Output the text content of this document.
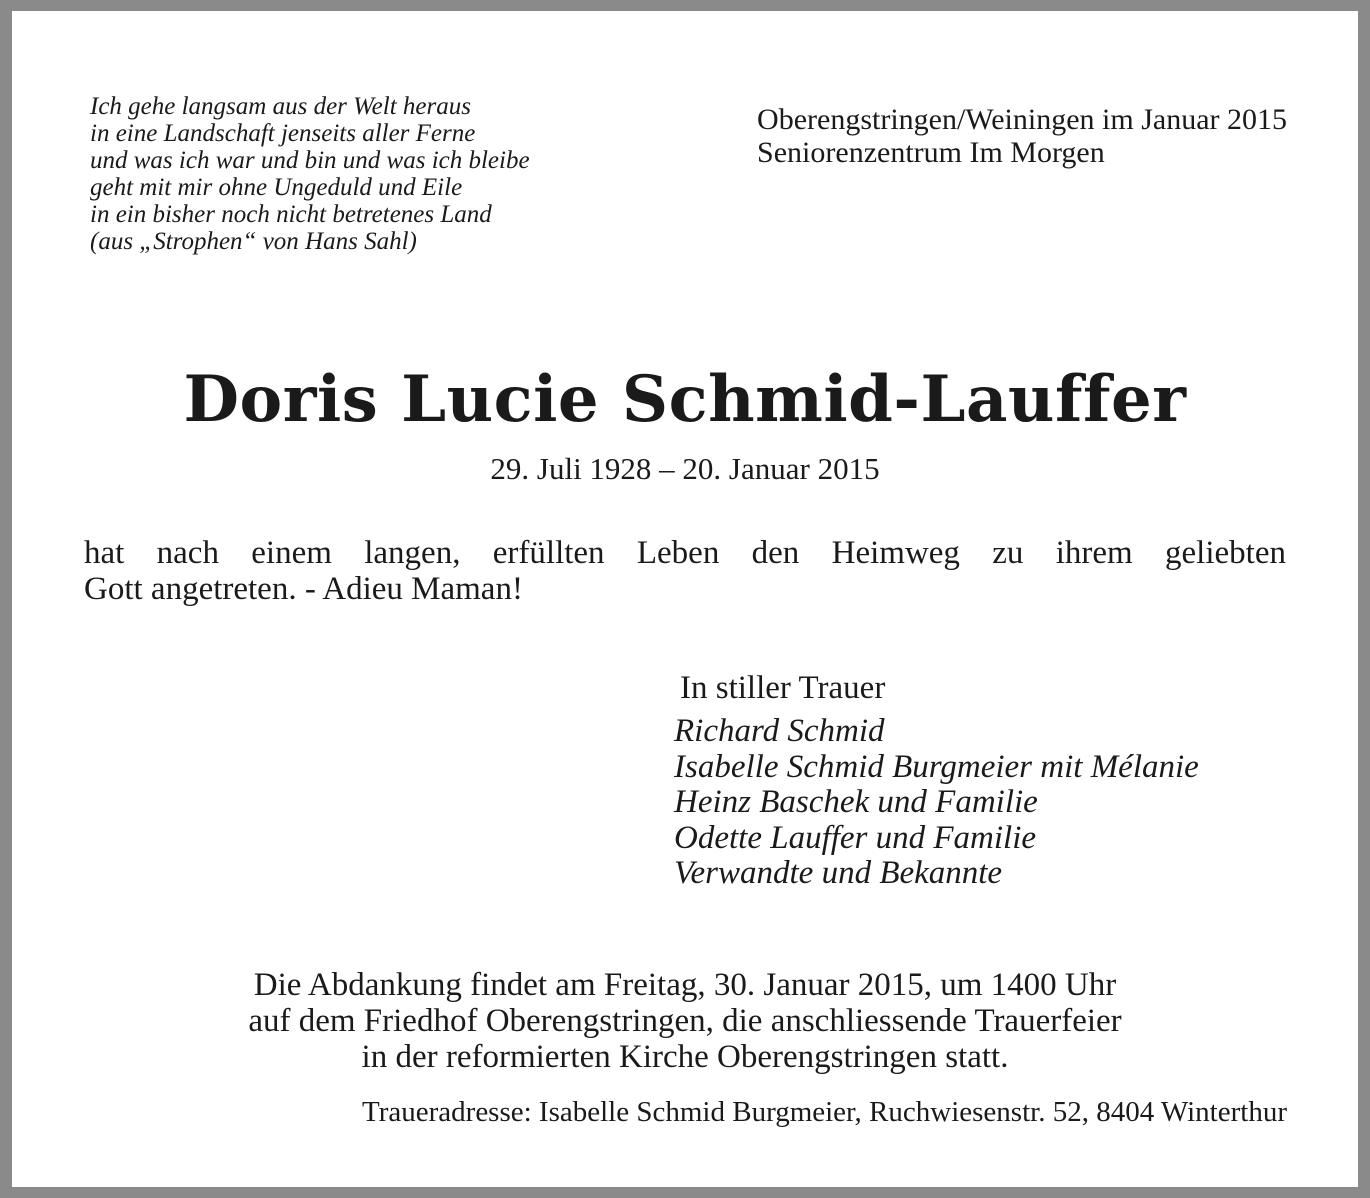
Ich gehe langsam aus der Welt heraus
in eine Landschaft jenseits aller Ferne
und was ich war und bin und was ich bleibe
geht mit mir ohne Ungeduld und Eile
in ein bisher noch nicht betretenes Land
(aus „Strophen“ von Hans Sahl)
Oberengstringen/Weiningen im Januar 2015
Seniorenzentrum Im Morgen
Doris Lucie Schmid-Lauffer
29. Juli 1928 – 20. Januar 2015
hat nach einem langen, erfüllten Leben den Heimweg zu ihrem geliebten
Gott angetreten. - Adieu Maman!
In stiller Trauer
Richard Schmid
Isabelle Schmid Burgmeier mit Mélanie
Heinz Baschek und Familie
Odette Lauffer und Familie
Verwandte und Bekannte
Die Abdankung findet am Freitag, 30. Januar 2015, um 1400 Uhr
auf dem Friedhof Oberengstringen, die anschliessende Trauerfeier
in der reformierten Kirche Oberengstringen statt.
Traueradresse: Isabelle Schmid Burgmeier, Ruchwiesenstr. 52, 8404 Winterthur
